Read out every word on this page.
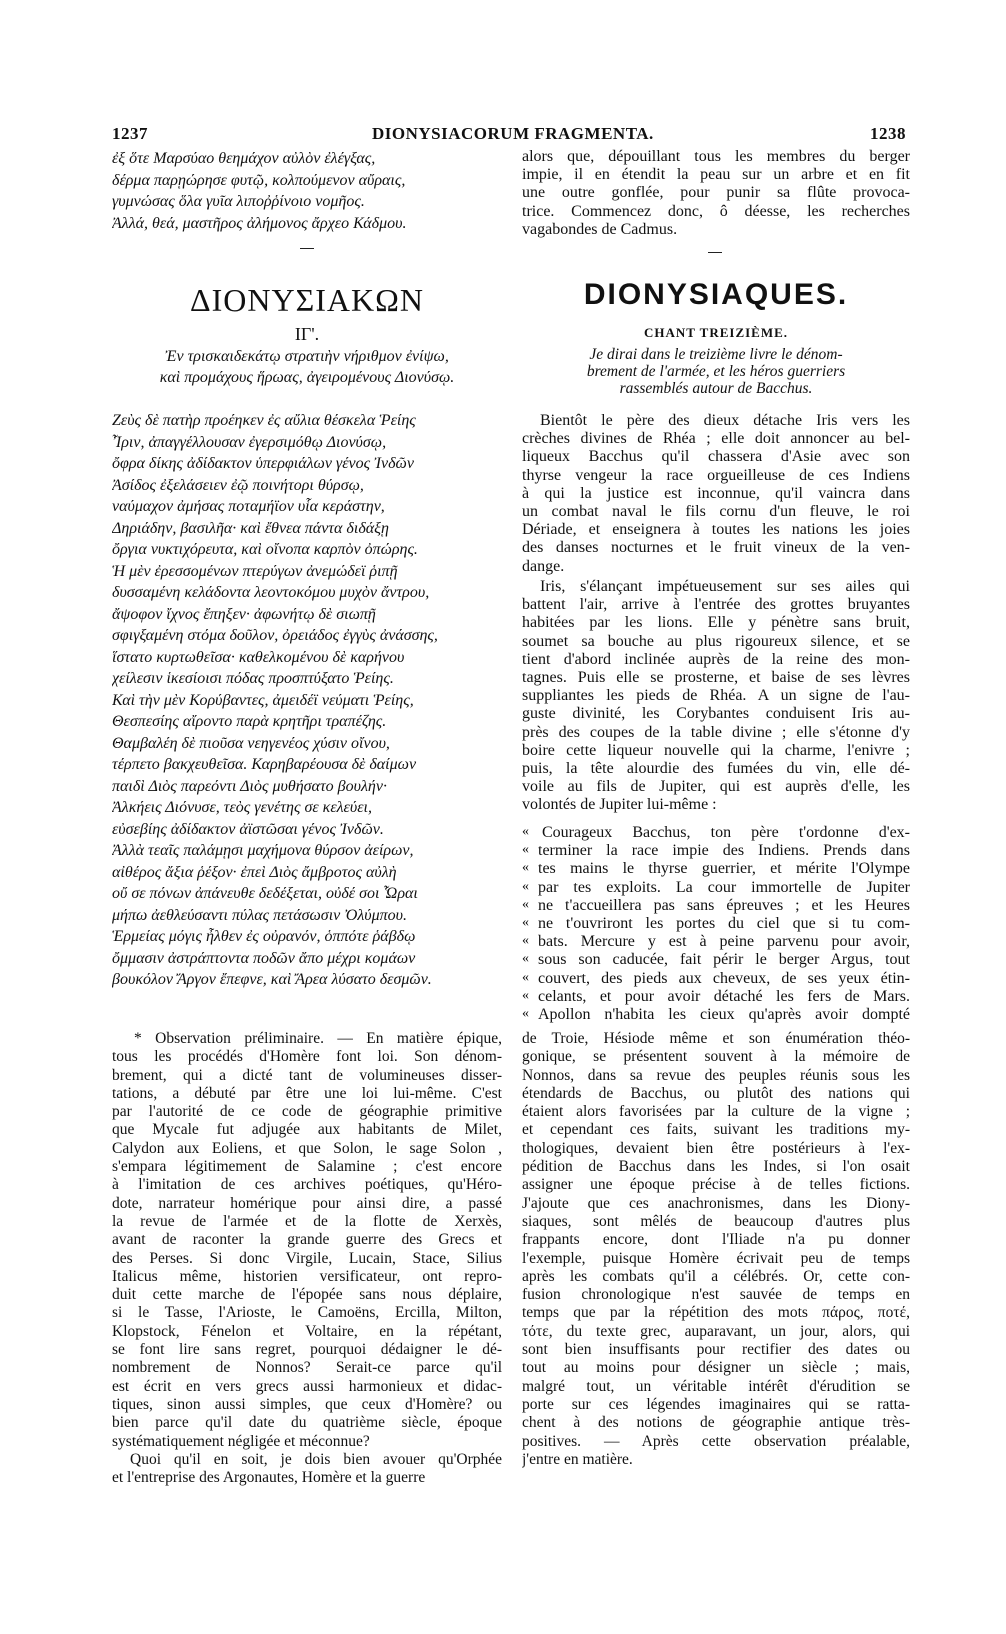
1237	DIONYSIACORUM FRAGMENTA.	1238
ἐξ ὅτε Μαρσύαο θεημάχον αὐλὸν ἐλέγξας,
δέρμα παρῃώρησε φυτῷ, κολπούμενον αὔραις,
γυμνώσας ὅλα γυῖα λιποῤῥίνοιο νομῆος.
Ἀλλά, θεά, μαστῆρος ἀλήμονος ἄρχεο Κάδμου.
alors que, dépouillant tous les membres du berger
impie, il en étendit la peau sur un arbre et en fit
une outre gonflée, pour punir sa flûte provoca-
trice. Commencez donc, ô déesse, les recherches
vagabondes de Cadmus.
ΔΙΟΝΥΣΙΑΚΩΝ
ΙΓ'.
Ἐν τρισκαιδεκάτῳ στρατιὴν νήριθμον ἐνίψω,
καὶ προμάχους ἥρωας, ἀγειρομένους Διονύσῳ.
DIONYSIAQUES.
CHANT TREIZIÈME.
Je dirai dans le treizième livre le dénom-
brement de l'armée, et les héros guerriers
rassemblés autour de Bacchus.
Ζεὺς δὲ πατὴρ προέηκεν ἐς αὔλια θέσκελα Ῥείης
Ἶριν, ἀπαγγέλλουσαν ἐγερσιμόθῳ Διονύσῳ,
ὄφρα δίκης ἀδίδακτον ὑπερφιάλων γένος Ἰνδῶν
Ἀσίδος ἐξελάσειεν ἐῷ ποινήτορι θύρσῳ,
ναύμαχον ἀμήσας ποταμήϊον υἷα κεράστην,
Δηριάδην, βασιλῆα· καὶ ἔθνεα πάντα διδάξῃ
ὄργια νυκτιχόρευτα, καὶ οἴνοπα καρπὸν ὀπώρης.
Ἡ μὲν ἐρεσσομένων πτερύγων ἀνεμώδεϊ ῥιπῇ
δυσσαμένη κελάδοντα λεοντοκόμου μυχὸν ἄντρου,
ἄψοφον ἴχνος ἔπηξεν· ἀφωνήτῳ δὲ σιωπῇ
σφιγξαμένη στόμα δοῦλον, ὀρειάδος ἐγγὺς ἀνάσσης,
ἵστατο κυρτωθεῖσα· καθελκομένου δὲ καρήνου
χείλεσιν ἱκεσίοισι πόδας προσπτύξατο Ῥείης.
Καὶ τὴν μὲν Κορύβαντες, ἀμειδέϊ νεύματι Ῥείης,
Θεσπεσίης αἴροντο παρὰ κρητῆρι τραπέζης.
Θαμβαλέη δὲ πιοῦσα νεηγενέος χύσιν οἴνου,
τέρπετο βακχευθεῖσα. Καρηβαρέουσα δὲ δαίμων
παιδὶ Διὸς παρεόντι Διὸς μυθήσατο βουλήν·
Ἀλκήεις Διόνυσε, τεὸς γενέτης σε κελεύει,
εὐσεβίης ἀδίδακτον ἀϊστῶσαι γένος Ἰνδῶν.
Ἀλλὰ τεαῖς παλάμῃσι μαχήμονα θύρσον ἀείρων,
αἰθέρος ἄξια ῥέξον· ἐπεὶ Διὸς ἄμβροτος αὐλὴ
οὔ σε πόνων ἀπάνευθε δεδέξεται, οὐδέ σοι Ὧραι
μήπω ἀεθλεύσαντι πύλας πετάσωσιν Ὀλύμπου.
Ἑρμείας μόγις ἦλθεν ἐς οὐρανόν, ὁππότε ῥάβδῳ
ὄμμασιν ἀστράπτοντα ποδῶν ἄπο μέχρι κομάων
βουκόλον Ἄργον ἔπεφνε, καὶ Ἄρεα λύσατο δεσμῶν.
Bientôt le père des dieux détache Iris vers les
crèches divines de Rhéa ; elle doit annoncer au bel-
liqueux Bacchus qu'il chassera d'Asie avec son
thyrse vengeur la race orgueilleuse de ces Indiens
à qui la justice est inconnue, qu'il vaincra dans
un combat naval le fils cornu d'un fleuve, le roi
Dériade, et enseignera à toutes les nations les joies
des danses nocturnes et le fruit vineux de la ven-
dange.
Iris, s'élançant impétueusement sur ses ailes qui
battent l'air, arrive à l'entrée des grottes bruyantes
habitées par les lions. Elle y pénètre sans bruit,
soumet sa bouche au plus rigoureux silence, et se
tient d'abord inclinée auprès de la reine des mon-
tagnes. Puis elle se prosterne, et baise de ses lèvres
suppliantes les pieds de Rhéa. A un signe de l'au-
guste divinité, les Corybantes conduisent Iris au-
près des coupes de la table divine ; elle s'étonne d'y
boire cette liqueur nouvelle qui la charme, l'enivre ;
puis, la tête alourdie des fumées du vin, elle dé-
voile au fils de Jupiter, qui est auprès d'elle, les
volontés de Jupiter lui-même :
« Courageux Bacchus, ton père t'ordonne d'ex-
« terminer la race impie des Indiens. Prends dans
« tes mains le thyrse guerrier, et mérite l'Olympe
« par tes exploits. La cour immortelle de Jupiter
« ne t'accueillera pas sans épreuves ; et les Heures
« ne t'ouvriront les portes du ciel que si tu com-
« bats. Mercure y est à peine parvenu pour avoir,
« sous son caducée, fait périr le berger Argus, tout
« couvert, des pieds aux cheveux, de ses yeux étin-
« celants, et pour avoir détaché les fers de Mars.
« Apollon n'habita les cieux qu'après avoir dompté
* Observation préliminaire. — En matière épique,
tous les procédés d'Homère font loi. Son dénom-
brement, qui a dicté tant de volumineuses disser-
tations, a débuté par être une loi lui-même. C'est
par l'autorité de ce code de géographie primitive
que Mycale fut adjugée aux habitants de Milet,
Calydon aux Eoliens, et que Solon, le sage Solon ,
s'empara légitimement de Salamine ; c'est encore
à l'imitation de ces archives poétiques, qu'Héro-
dote, narrateur homérique pour ainsi dire, a passé
la revue de l'armée et de la flotte de Xerxès,
avant de raconter la grande guerre des Grecs et
des Perses. Si donc Virgile, Lucain, Stace, Silius
Italicus même, historien versificateur, ont repro-
duit cette marche de l'épopée sans nous déplaire,
si le Tasse, l'Arioste, le Camoëns, Ercilla, Milton,
Klopstock, Fénelon et Voltaire, en la répétant,
se font lire sans regret, pourquoi dédaigner le dé-
nombrement de Nonnos? Serait-ce parce qu'il
est écrit en vers grecs aussi harmonieux et didac-
tiques, sinon aussi simples, que ceux d'Homère? ou
bien parce qu'il date du quatrième siècle, époque
systématiquement négligée et méconnue?
Quoi qu'il en soit, je dois bien avouer qu'Orphée
et l'entreprise des Argonautes, Homère et la guerre
de Troie, Hésiode même et son énumération théo-
gonique, se présentent souvent à la mémoire de
Nonnos, dans sa revue des peuples réunis sous les
étendards de Bacchus, ou plutôt des nations qui
étaient alors favorisées par la culture de la vigne ;
et cependant ces faits, suivant les traditions my-
thologiques, devaient bien être postérieurs à l'ex-
pédition de Bacchus dans les Indes, si l'on osait
assigner une époque précise à de telles fictions.
J'ajoute que ces anachronismes, dans les Diony-
siaques, sont mêlés de beaucoup d'autres plus
frappants encore, dont l'Iliade n'a pu donner
l'exemple, puisque Homère écrivait peu de temps
après les combats qu'il a célébrés. Or, cette con-
fusion chronologique n'est sauvée de temps en
temps que par la répétition des mots πάρος, ποτέ,
τότε, du texte grec, auparavant, un jour, alors, qui
sont bien insuffisants pour rectifier des dates ou
tout au moins pour désigner un siècle ; mais,
malgré tout, un véritable intérêt d'érudition se
porte sur ces légendes imaginaires qui se ratta-
chent à des notions de géographie antique très-
positives. — Après cette observation préalable,
j'entre en matière.
